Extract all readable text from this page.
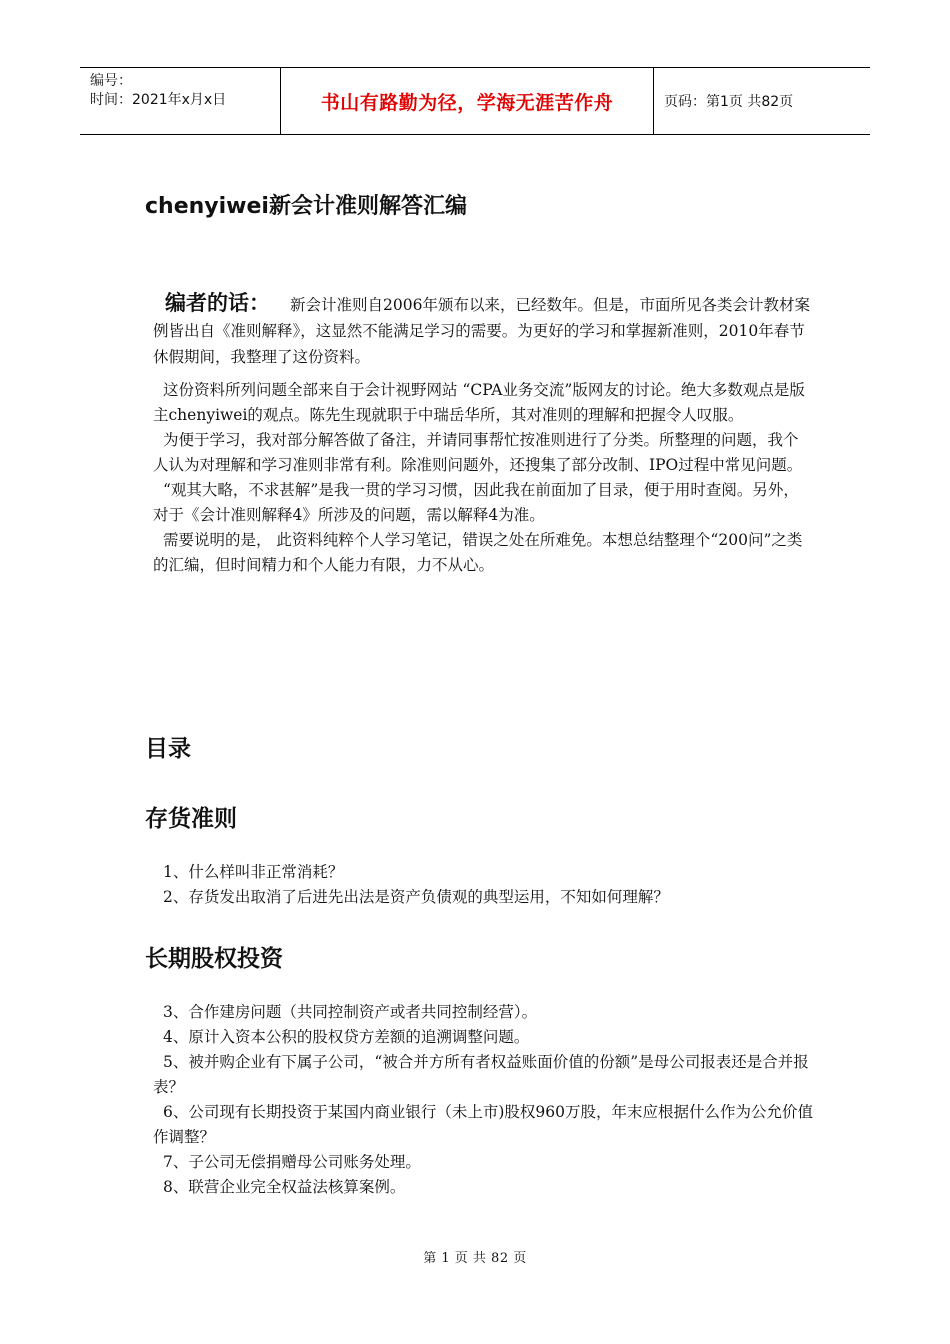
编号：
时间：2021年x月x日	书山有路勤为径，学海无涯苦作舟	页码：第1页 共82页
chenyiwei新会计准则解答汇编

编者的话： 新会计准则自2006年颁布以来，已经数年。但是，市面所见各类会计教材案例皆出自《准则解释》，这显然不能满足学习的需要。为更好的学习和掌握新准则，2010年春节休假期间，我整理了这份资料。

这份资料所列问题全部来自于会计视野网站 “CPA业务交流”版网友的讨论。绝大多数观点是版主chenyiwei的观点。陈先生现就职于中瑞岳华所，其对准则的理解和把握令人叹服。

为便于学习，我对部分解答做了备注，并请同事帮忙按准则进行了分类。所整理的问题，我个人认为对理解和学习准则非常有利。除准则问题外，还搜集了部分改制、IPO过程中常见问题。

“观其大略，不求甚解”是我一贯的学习习惯，因此我在前面加了目录，便于用时查阅。另外，对于《会计准则解释4》所涉及的问题，需以解释4为准。

需要说明的是， 此资料纯粹个人学习笔记，错误之处在所难免。本想总结整理个“200问”之类的汇编，但时间精力和个人能力有限，力不从心。

目录
存货准则
1、什么样叫非正常消耗？
2、存货发出取消了后进先出法是资产负债观的典型运用，不知如何理解？
长期股权投资
3、合作建房问题（共同控制资产或者共同控制经营）。
4、原计入资本公积的股权贷方差额的追溯调整问题。
5、被并购企业有下属子公司，“被合并方所有者权益账面价值的份额”是母公司报表还是合并报表？
6、公司现有长期投资于某国内商业银行（未上市)股权960万股，年末应根据什么作为公允价值作调整？
7、子公司无偿捐赠母公司账务处理。
8、联营企业完全权益法核算案例。
第 1 页 共 82 页
